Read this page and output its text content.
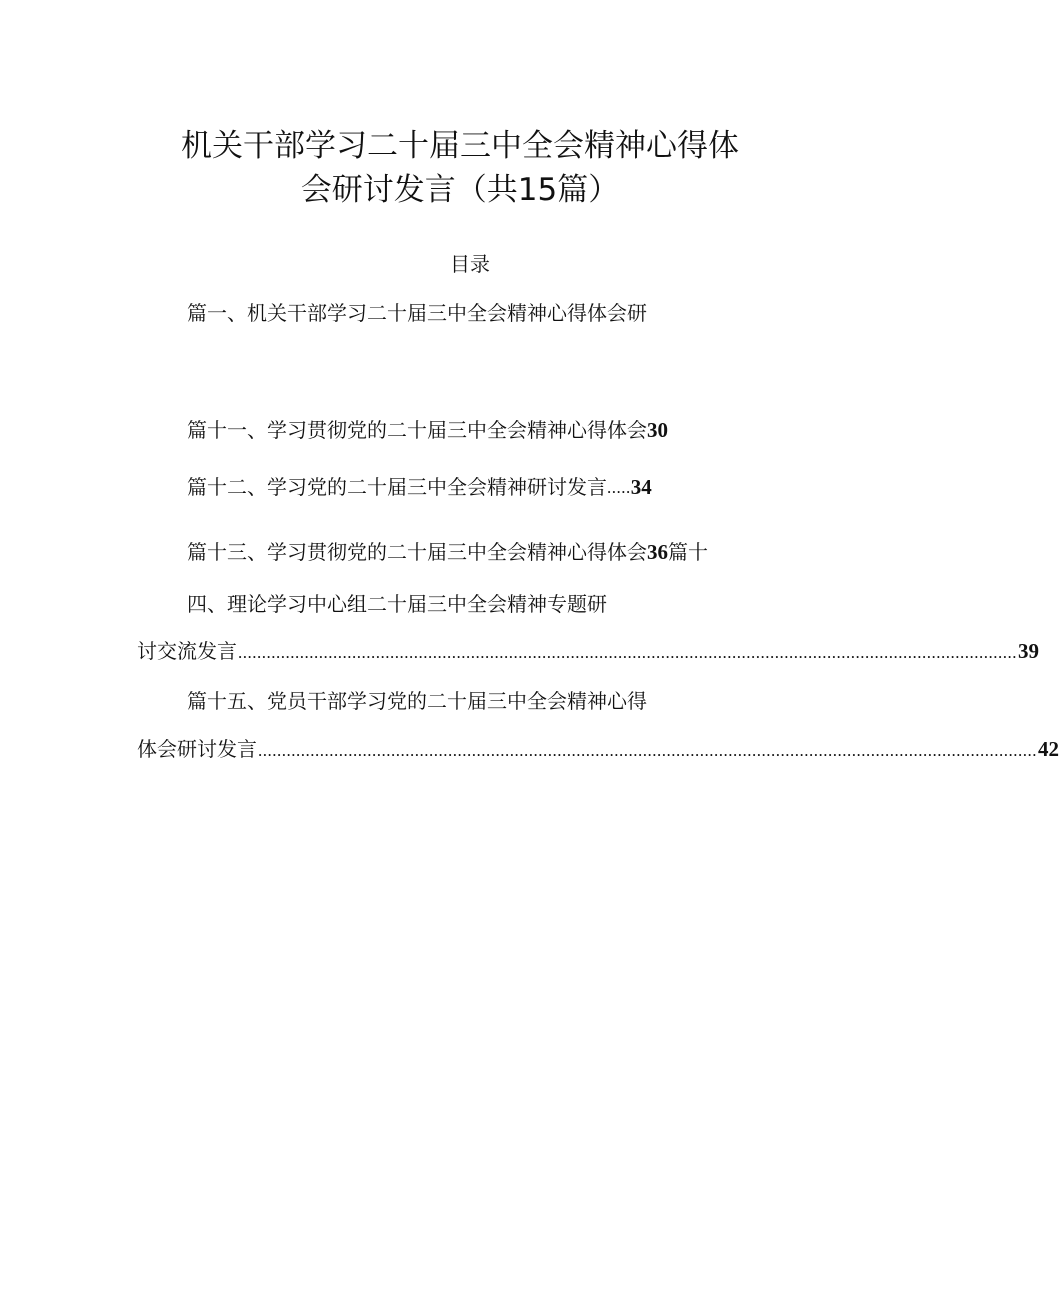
机关干部学习二十届三中全会精神心得体
会研讨发言（共15篇）
目录
篇一、机关干部学习二十届三中全会精神心得体会研
篇十一、学习贯彻党的二十届三中全会精神心得体会30
篇十二、学习党的二十届三中全会精神研讨发言.....34
篇十三、学习贯彻党的二十届三中全会精神心得体会36篇十
四、理论学习中心组二十届三中全会精神专题研
讨交流发言 .................................................................................................................................................................... 39
篇十五、党员干部学习党的二十届三中全会精神心得
体会研讨发言 .................................................................................................................................................................... 42
